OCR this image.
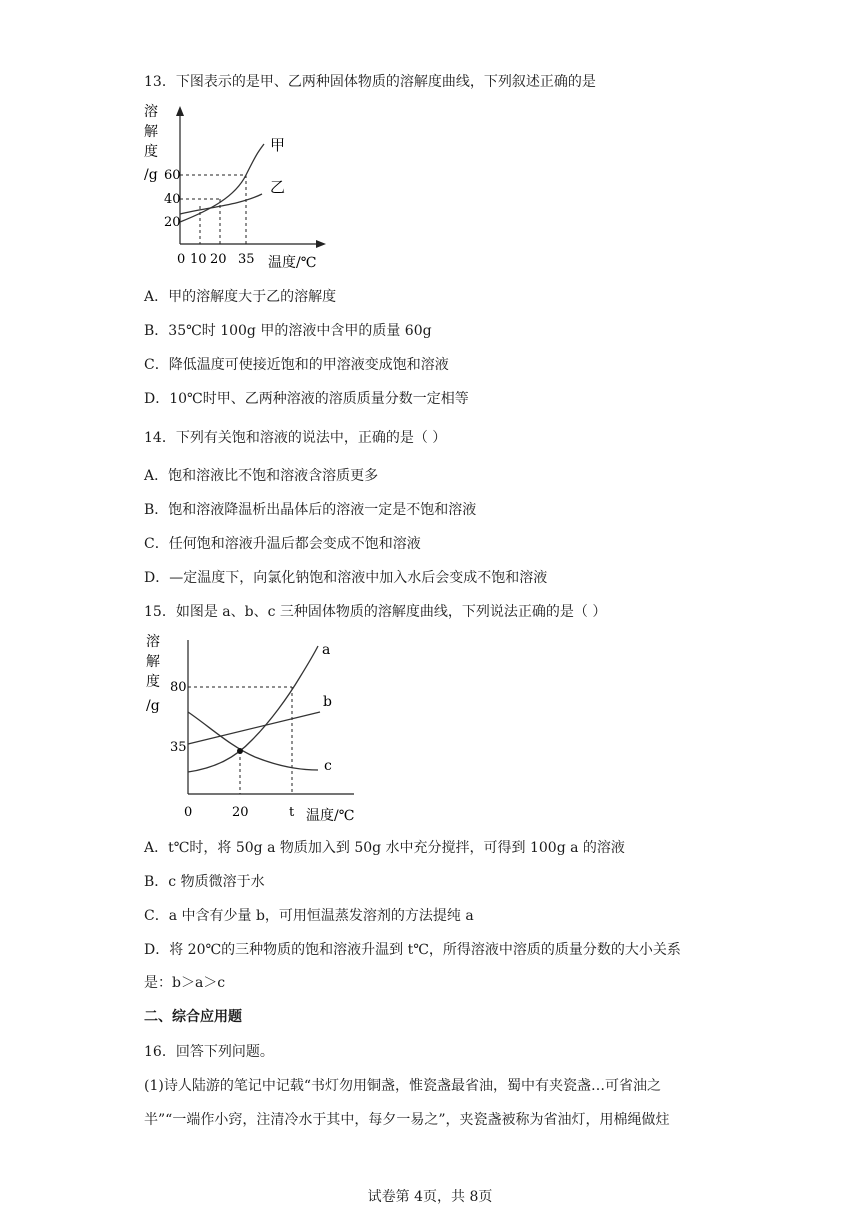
13．下图表示的是甲、乙两种固体物质的溶解度曲线，下列叙述正确的是
溶
解
度
/g 60
40
20
0 10 20 35 温度/℃
甲
乙
A．甲的溶解度大于乙的溶解度
B．35℃时 100g 甲的溶液中含甲的质量 60g
C．降低温度可使接近饱和的甲溶液变成饱和溶液
D．10℃时甲、乙两种溶液的溶质质量分数一定相等
14．下列有关饱和溶液的说法中，正确的是（ ）
A．饱和溶液比不饱和溶液含溶质更多
B．饱和溶液降温析出晶体后的溶液一定是不饱和溶液
C．任何饱和溶液升温后都会变成不饱和溶液
D．—定温度下，向氯化钠饱和溶液中加入水后会变成不饱和溶液
15．如图是 a、b、c 三种固体物质的溶解度曲线，下列说法正确的是（ ）
溶
解
度
/g
80
35
0	20	t 温度/℃
a
b
c
A．t℃时，将 50g a 物质加入到 50g 水中充分搅拌，可得到 100g a 的溶液
B．c 物质微溶于水
C．a 中含有少量 b，可用恒温蒸发溶剂的方法提纯 a
D．将 20℃的三种物质的饱和溶液升温到 t℃，所得溶液中溶质的质量分数的大小关系
是：b＞a＞c
二、综合应用题
16．回答下列问题。
(1)诗人陆游的笔记中记载“书灯勿用铜盏，惟瓷盏最省油，蜀中有夹瓷盏…可省油之
半”“一端作小窍，注清冷水于其中，每夕一易之”，夹瓷盏被称为省油灯，用棉绳做炷
试卷第 4页，共 8页
